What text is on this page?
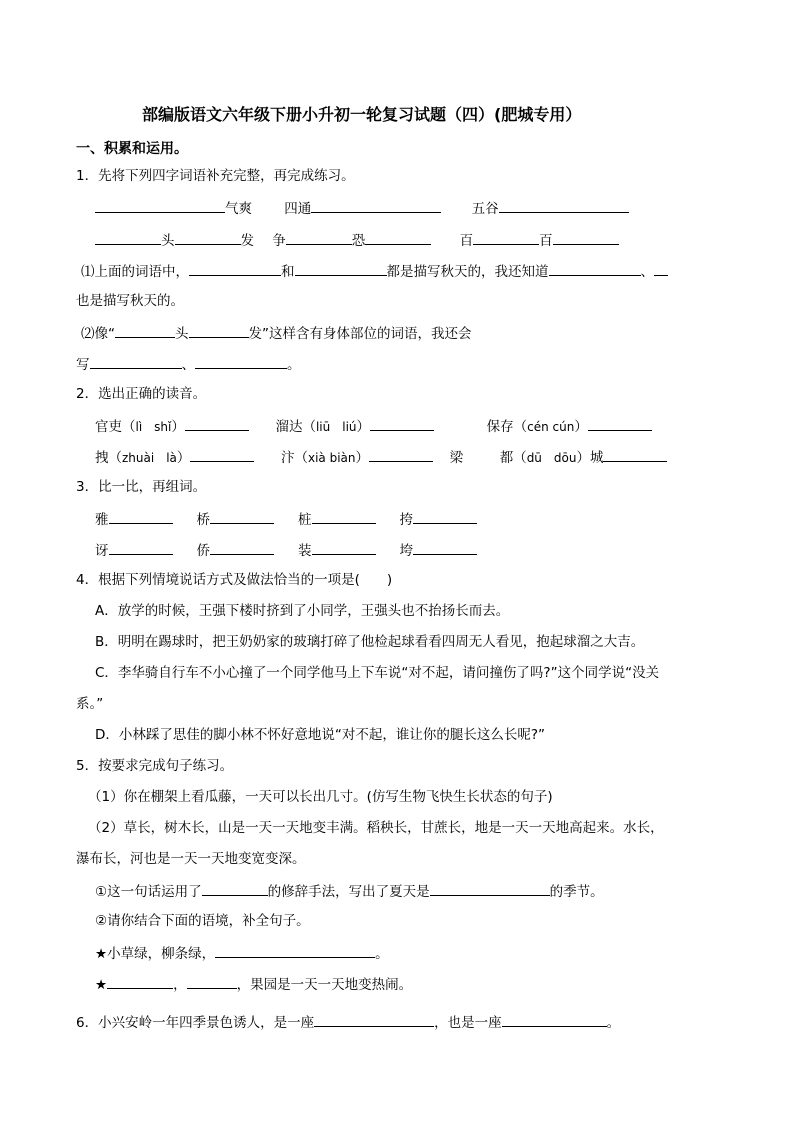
部编版语文六年级下册小升初一轮复习试题（四）(肥城专用）
一、积累和运用。
1．先将下列四字词语补充完整，再完成练习。
气爽 四通	五谷
头	发 争	恐	百	百
⑴上面的词语中，	和	都是描写秋天的，我还知道	、
也是描写秋天的。
⑵像“	头	发”这样含有身体部位的词语，我还会
写	、	。
2．选出正确的读音。
官吏（lì　shǐ）	溜达（liū　liú）	保存（cén cún）
拽（zhuài　là）	汴（xià biàn）	梁	都（dū　dōu）城
3．比一比，再组词。
雅	桥	桩	挎
讶	侨	装	垮
4．根据下列情境说话方式及做法恰当的一项是(　　)
A．放学的时候，王强下楼时挤到了小同学，王强头也不抬扬长而去。
B．明明在踢球时，把王奶奶家的玻璃打碎了他检起球看看四周无人看见，抱起球溜之大吉。
C．李华骑自行车不小心撞了一个同学他马上下车说“对不起，请问撞伤了吗?”这个同学说“没关
系。”
D．小林踩了思佳的脚小林不怀好意地说“对不起，谁让你的腿长这么长呢?”
5．按要求完成句子练习。
（1）你在棚架上看瓜藤，一天可以长出几寸。(仿写生物飞快生长状态的句子)
（2）草长，树木长，山是一天一天地变丰满。稻秧长，甘蔗长，地是一天一天地高起来。水长，
瀑布长，河也是一天一天地变宽变深。
①这一句话运用了	的修辞手法，写出了夏天是	的季节。
②请你结合下面的语境，补全句子。
★小草绿，柳条绿，	。
★	，	，果园是一天一天地变热闹。
6．小兴安岭一年四季景色诱人，是一座	，也是一座	。
